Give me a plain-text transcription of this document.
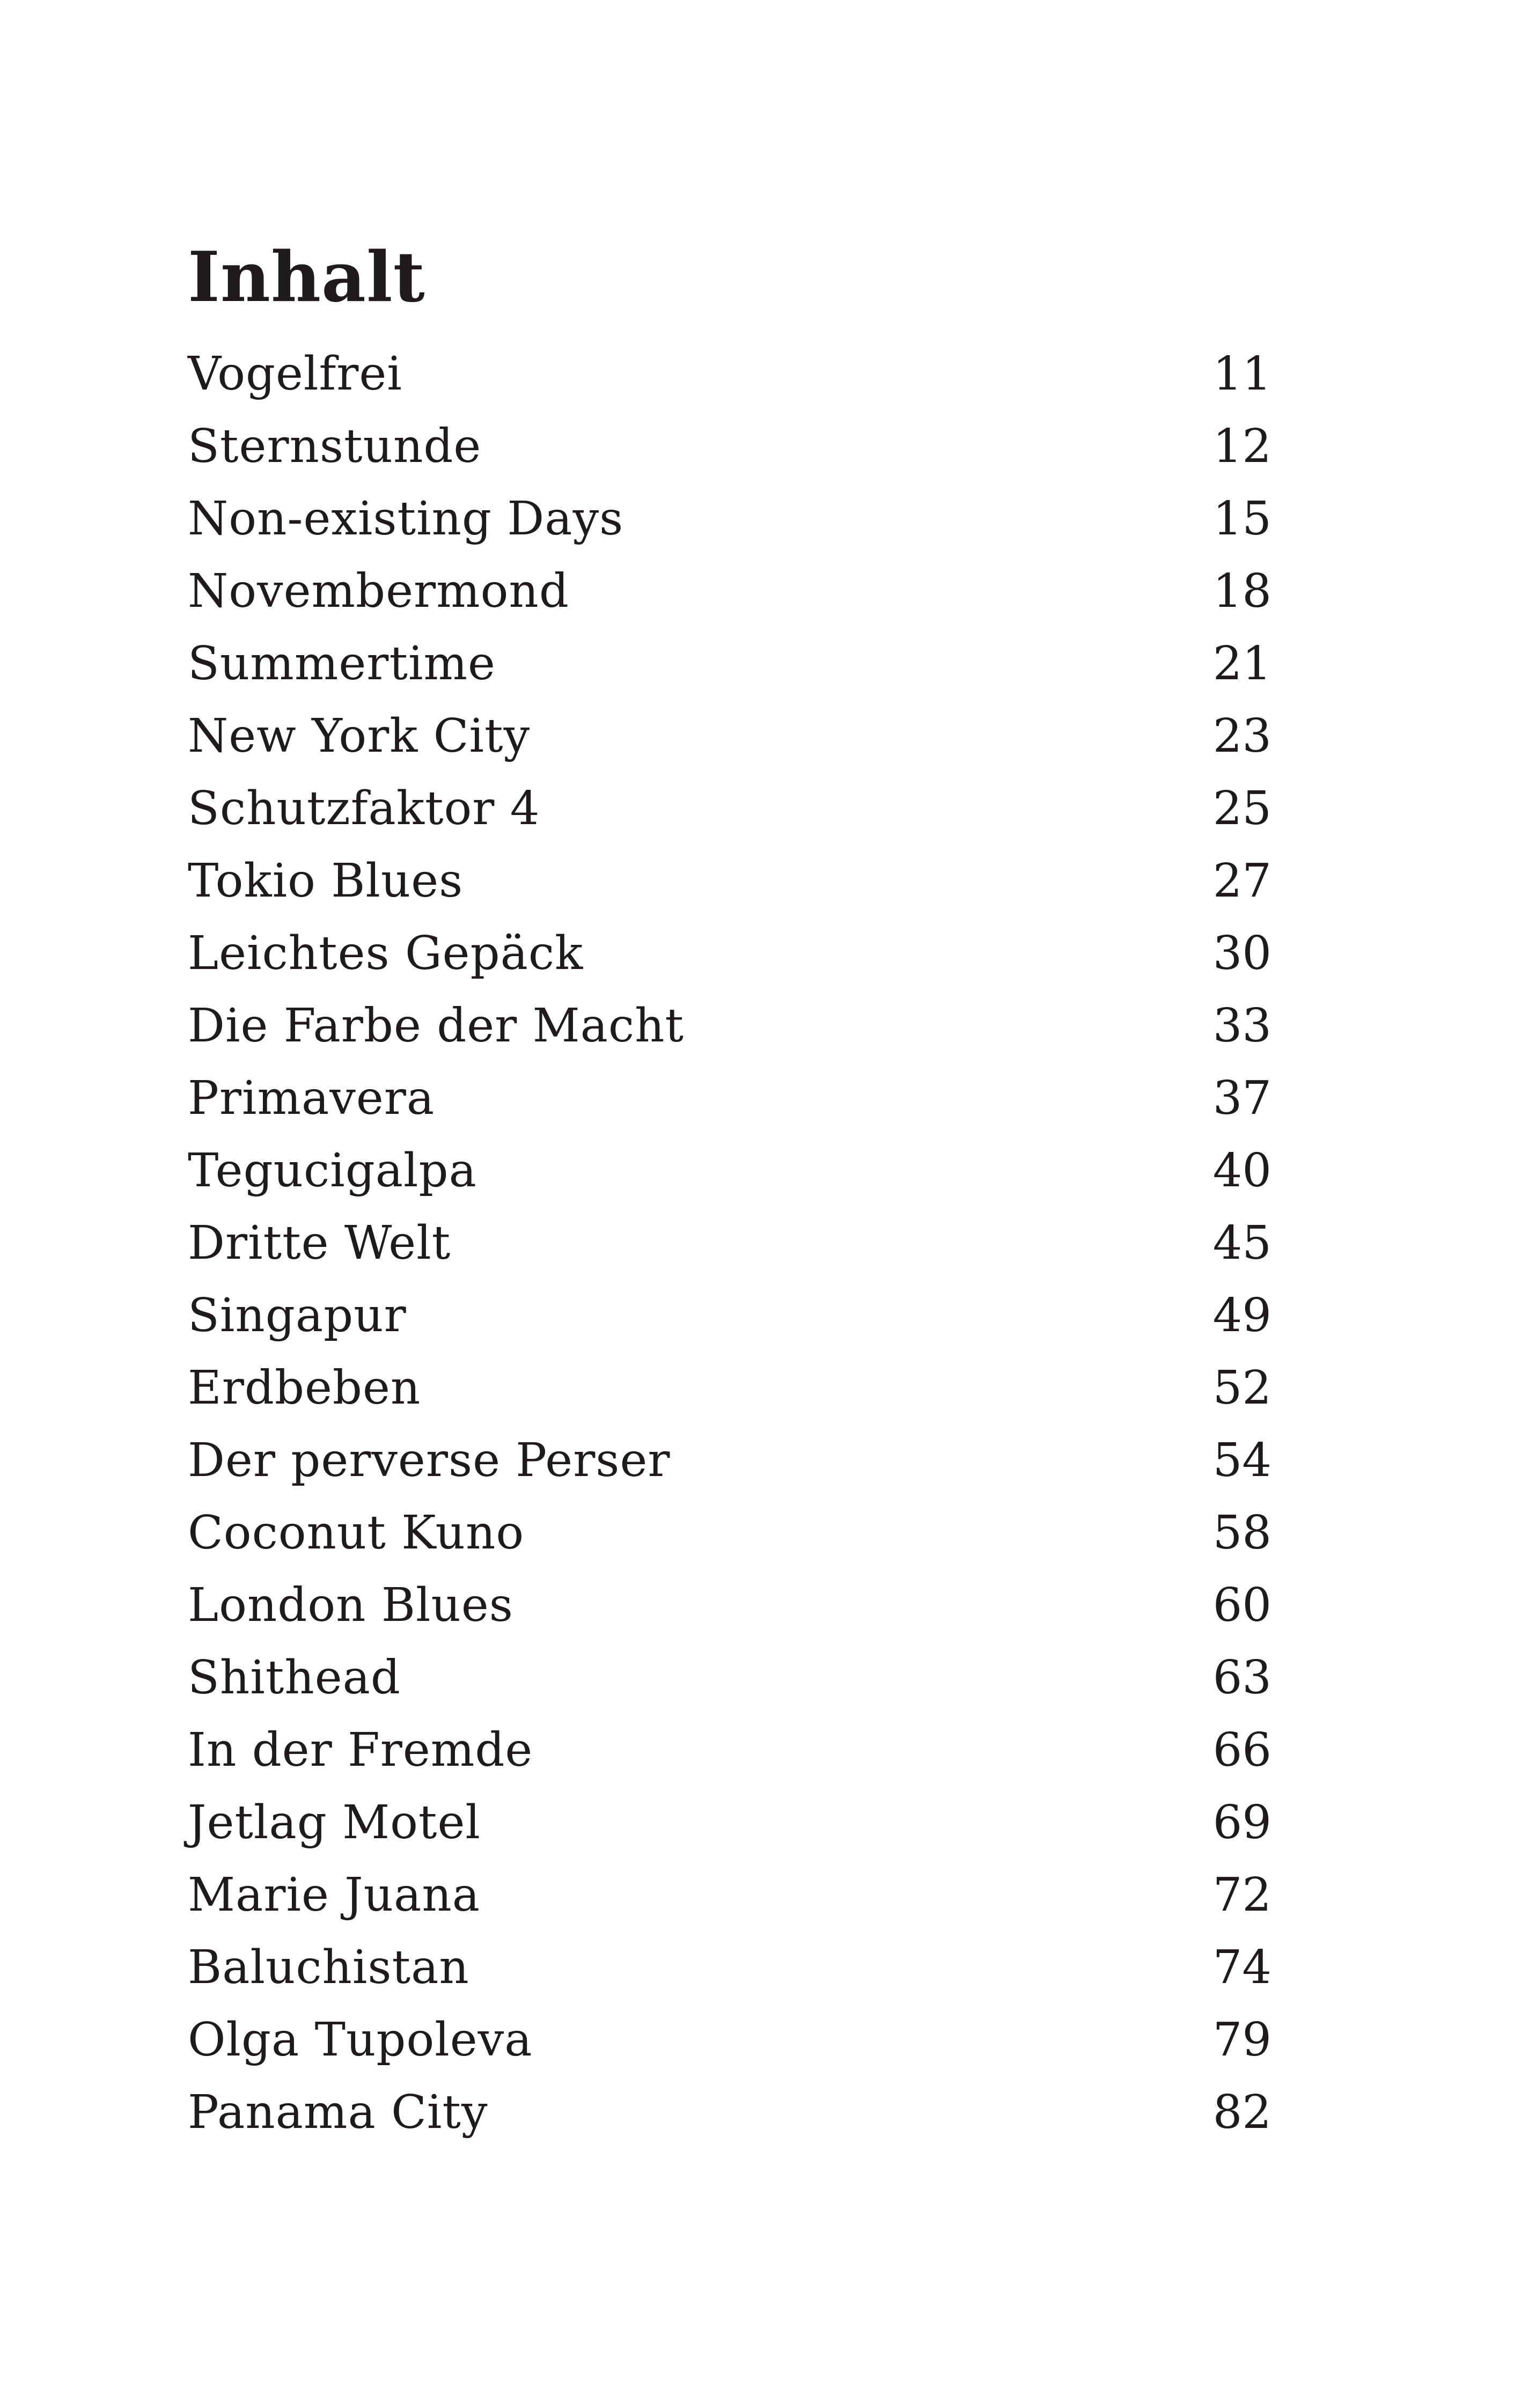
Inhalt
Vogelfrei	11
Sternstunde	12
Non-existing Days	15
Novembermond	18
Summertime	21
New York City	23
Schutzfaktor 4	25
Tokio Blues	27
Leichtes Gepäck	30
Die Farbe der Macht	33
Primavera	37
Tegucigalpa	40
Dritte Welt	45
Singapur	49
Erdbeben	52
Der perverse Perser	54
Coconut Kuno	58
London Blues	60
Shithead	63
In der Fremde	66
Jetlag Motel	69
Marie Juana	72
Baluchistan	74
Olga Tupoleva	79
Panama City	82
